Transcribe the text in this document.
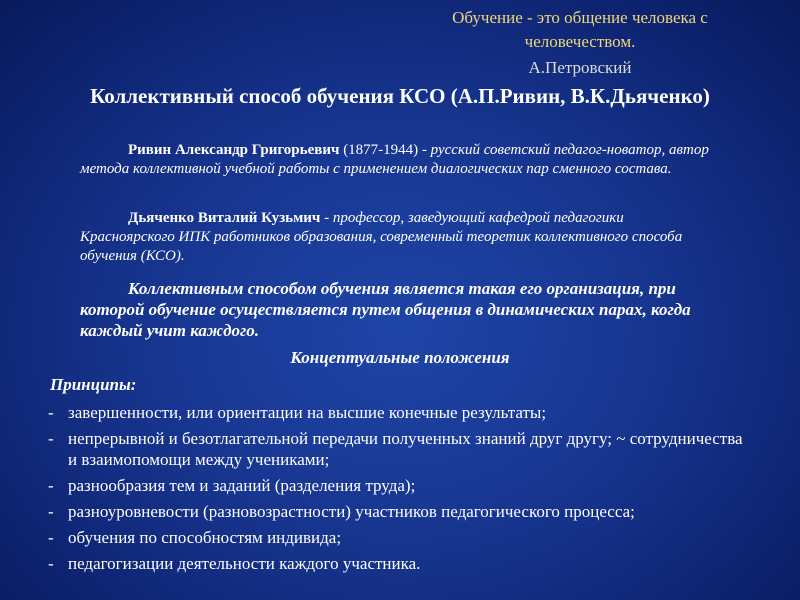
Обучение - это общение человека с
человечеством.
А.Петровский
Коллективный способ обучения КСО (А.П.Ривин, В.К.Дьяченко)
Ривин Александр Григорьевич (1877-1944) - русский советский педагог-новатор, автор метода коллективной учебной работы с применением диалогических пар сменного состава.
Дьяченко Виталий Кузьмич - профессор, заведующий кафедрой педагогики Красноярского ИПК работников образования, современный теоретик коллективного способа обучения (КСО).
Коллективным способом обучения является такая его организация, при которой обучение осуществляется путем общения в динамических парах, когда каждый учит каждого.
Концептуальные положения
Принципы:
- завершенности, или ориентации на высшие конечные результаты;
- непрерывной и безотлагательной передачи полученных знаний друг другу; ~ сотрудничества и взаимопомощи между учениками;
- разнообразия тем и заданий (разделения труда);
- разноуровневости (разновозрастности) участников педагогического процесса;
- обучения по способностям индивида;
- педагогизации деятельности каждого участника.
